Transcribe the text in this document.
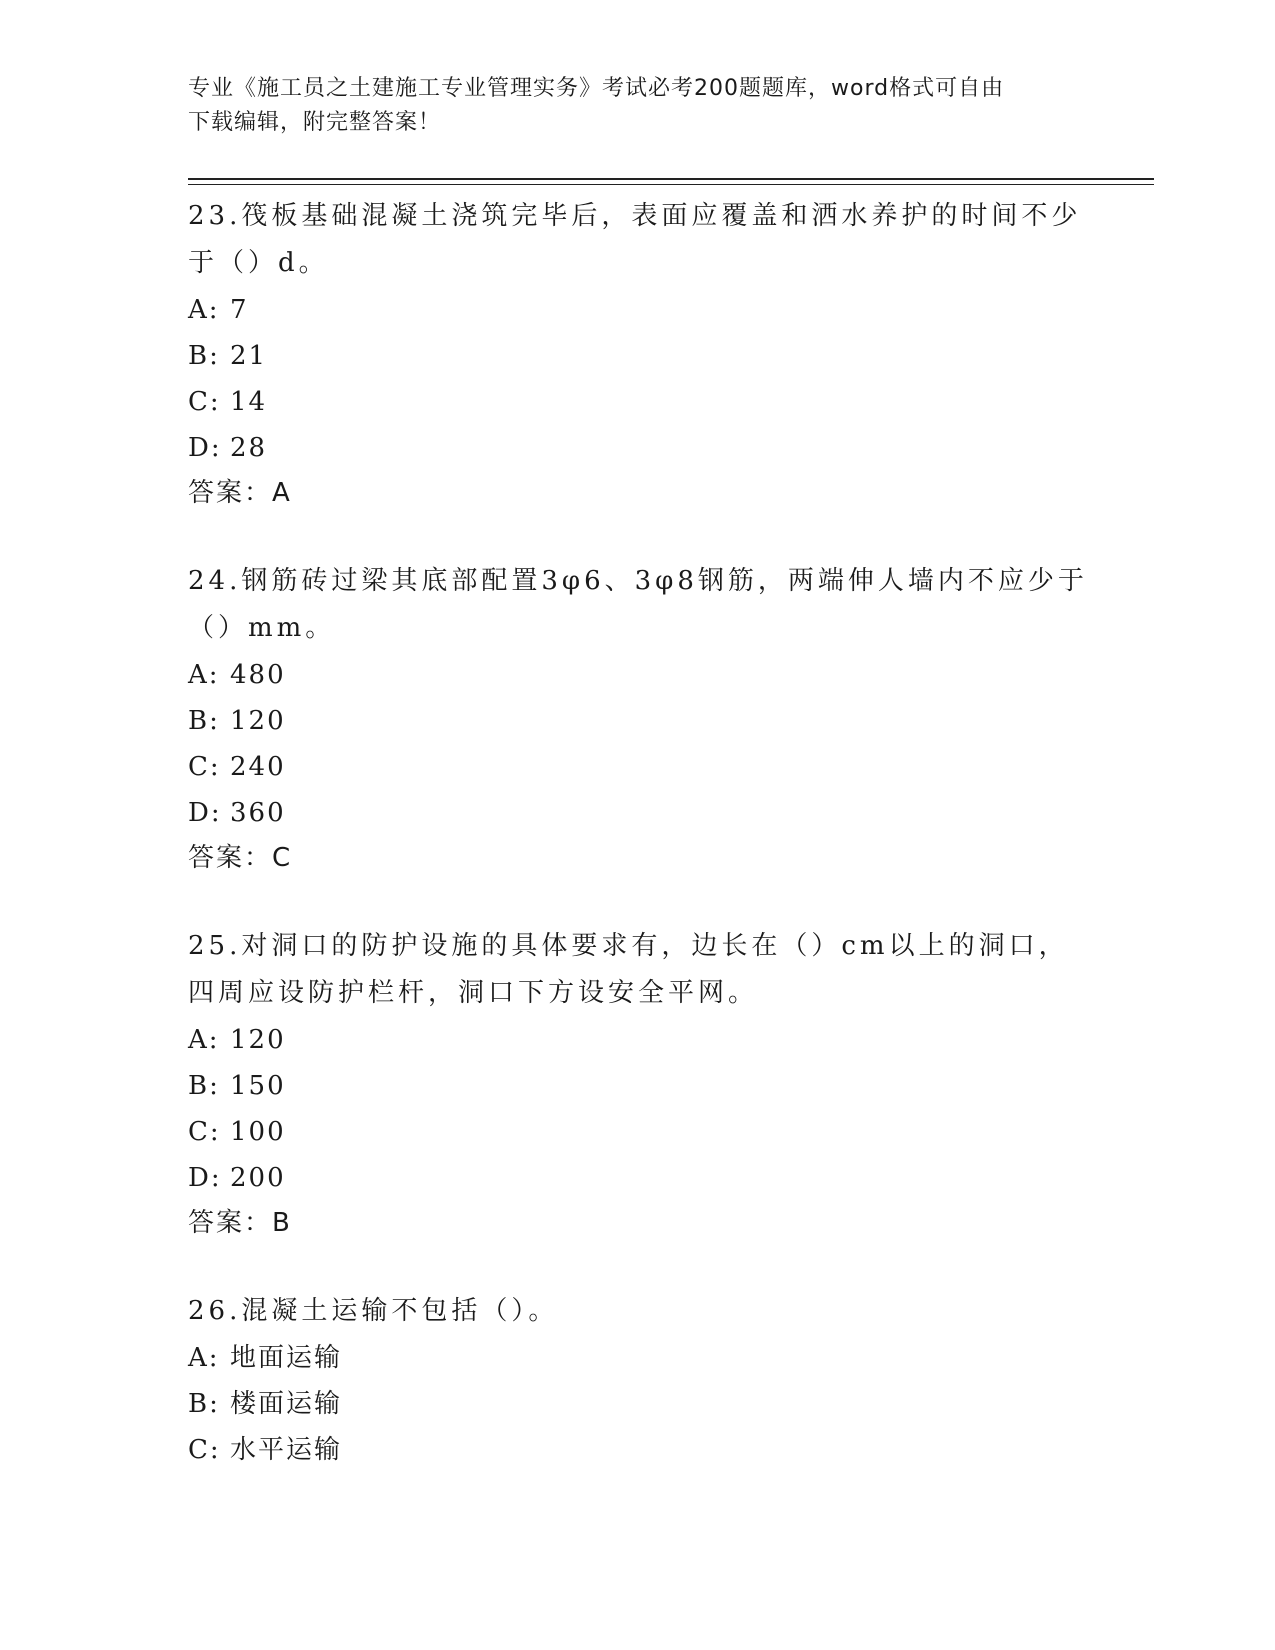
专业《施工员之土建施工专业管理实务》考试必考200题题库，word格式可自由
下载编辑，附完整答案！

23.筏板基础混凝土浇筑完毕后，表面应覆盖和洒水养护的时间不少于（）d。

A: 7
B: 21
C: 14
D: 28
答案：A

24.钢筋砖过梁其底部配置3φ6、3φ8钢筋，两端伸人墙内不应少于（）mm。

A: 480
B: 120
C: 240
D: 360
答案：C

25.对洞口的防护设施的具体要求有，边长在（）cm以上的洞口，四周应设防护栏杆，洞口下方设安全平网。

A: 120
B: 150
C: 100
D: 200
答案：B

26.混凝土运输不包括（）。

A: 地面运输
B: 楼面运输
C: 水平运输
